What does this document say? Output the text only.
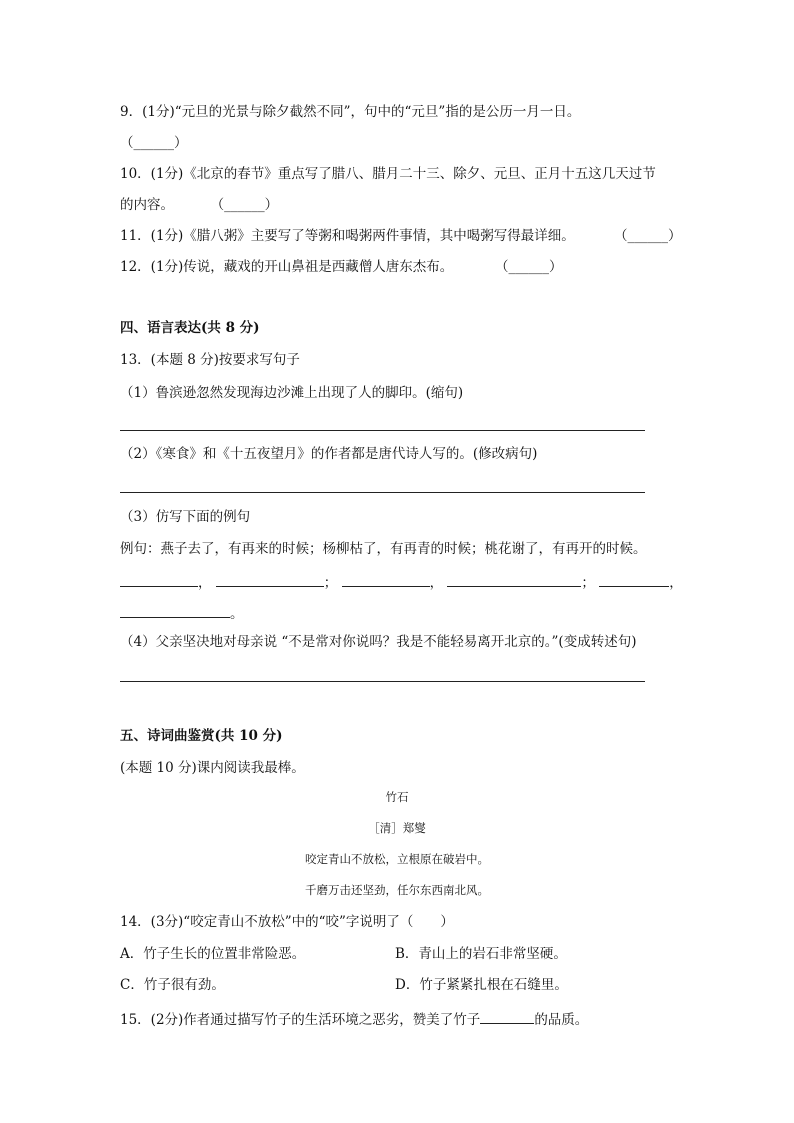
9．(1分)“元旦的光景与除夕截然不同”，句中的“元旦”指的是公历一月一日。
（______）
10．(1分)《北京的春节》重点写了腊八、腊月二十三、除夕、元旦、正月十五这几天过节
的内容。	（______）
11．(1分)《腊八粥》主要写了等粥和喝粥两件事情，其中喝粥写得最详细。	（______）
12．(1分)传说，藏戏的开山鼻祖是西藏僧人唐东杰布。	（______）
四、语言表达(共 8 分)
13．(本题 8 分)按要求写句子
（1）鲁滨逊忽然发现海边沙滩上出现了人的脚印。(缩句)
（2）《寒食》和《十五夜望月》的作者都是唐代诗人写的。(修改病句)
（3）仿写下面的例句
例句：燕子去了，有再来的时候；杨柳枯了，有再青的时候；桃花谢了，有再开的时候。
，	；	，	；	，
。
（4）父亲坚决地对母亲说 “不是常对你说吗？我是不能轻易离开北京的。”(变成转述句)
五、诗词曲鉴赏(共 10 分)
(本题 10 分)课内阅读我最棒。
竹石
［清］郑燮
咬定青山不放松，立根原在破岩中。
千磨万击还坚劲，任尔东西南北风。
14．(3分)“咬定青山不放松”中的“咬”字说明了（　　）
A．竹子生长的位置非常险恶。	B．青山上的岩石非常坚硬。
C．竹子很有劲。	D．竹子紧紧扎根在石缝里。
15．(2分)作者通过描写竹子的生活环境之恶劣，赞美了竹子	的品质。
